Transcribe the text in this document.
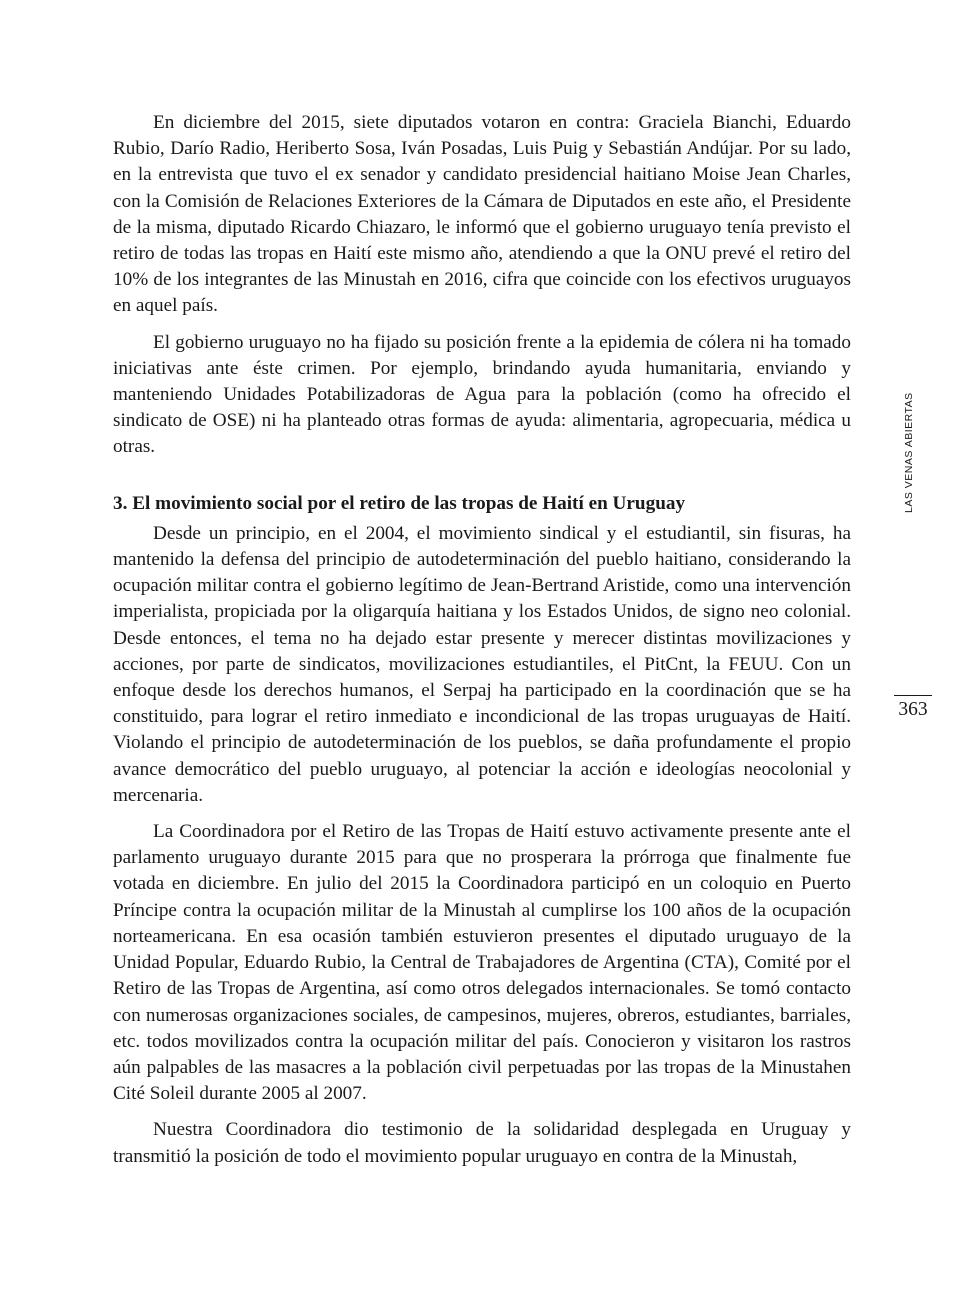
En diciembre del 2015, siete diputados votaron en contra: Graciela Bianchi, Eduardo Rubio, Darío Radio, Heriberto Sosa, Iván Posadas, Luis Puig y Sebastián Andújar. Por su lado, en la entrevista que tuvo el ex senador y candidato presidencial haitiano Moise Jean Charles, con la Comisión de Relaciones Exteriores de la Cámara de Diputados en este año, el Presidente de la misma, diputado Ricardo Chiazaro, le informó que el gobierno uruguayo tenía previsto el retiro de todas las tropas en Haití este mismo año, atendiendo a que la ONU prevé el retiro del 10% de los integrantes de las Minustah en 2016, cifra que coincide con los efectivos uruguayos en aquel país.

El gobierno uruguayo no ha fijado su posición frente a la epidemia de cólera ni ha tomado iniciativas ante éste crimen. Por ejemplo, brindando ayuda humanitaria, enviando y manteniendo Unidades Potabilizadoras de Agua para la población (como ha ofrecido el sindicato de OSE) ni ha planteado otras formas de ayuda: alimentaria, agropecuaria, médica u otras.

3. El movimiento social por el retiro de las tropas de Haití en Uruguay

Desde un principio, en el 2004, el movimiento sindical y el estudiantil, sin fisuras, ha mantenido la defensa del principio de autodeterminación del pueblo haitiano, considerando la ocupación militar contra el gobierno legítimo de Jean-Bertrand Aristide, como una intervención imperialista, propiciada por la oligarquía haitiana y los Estados Unidos, de signo neo colonial. Desde entonces, el tema no ha dejado estar presente y merecer distintas movilizaciones y acciones, por parte de sindicatos, movilizaciones estudiantiles, el PitCnt, la FEUU. Con un enfoque desde los derechos humanos, el Serpaj ha participado en la coordinación que se ha constituido, para lograr el retiro inmediato e incondicional de las tropas uruguayas de Haití. Violando el principio de autodeterminación de los pueblos, se daña profundamente el propio avance democrático del pueblo uruguayo, al potenciar la acción e ideologías neocolonial y mercenaria.

La Coordinadora por el Retiro de las Tropas de Haití estuvo activamente presente ante el parlamento uruguayo durante 2015 para que no prosperara la prórroga que finalmente fue votada en diciembre. En julio del 2015 la Coordinadora participó en un coloquio en Puerto Príncipe contra la ocupación militar de la Minustah al cumplirse los 100 años de la ocupación norteamericana. En esa ocasión también estuvieron presentes el diputado uruguayo de la Unidad Popular, Eduardo Rubio, la Central de Trabajadores de Argentina (CTA), Comité por el Retiro de las Tropas de Argentina, así como otros delegados internacionales. Se tomó contacto con numerosas organizaciones sociales, de campesinos, mujeres, obreros, estudiantes, barriales, etc. todos movilizados contra la ocupación militar del país. Conocieron y visitaron los rastros aún palpables de las masacres a la población civil perpetuadas por las tropas de la Minustahen Cité Soleil durante 2005 al 2007.

Nuestra Coordinadora dio testimonio de la solidaridad desplegada en Uruguay y transmitió la posición de todo el movimiento popular uruguayo en contra de la Minustah,

LAS VENAS ABIERTAS
363
